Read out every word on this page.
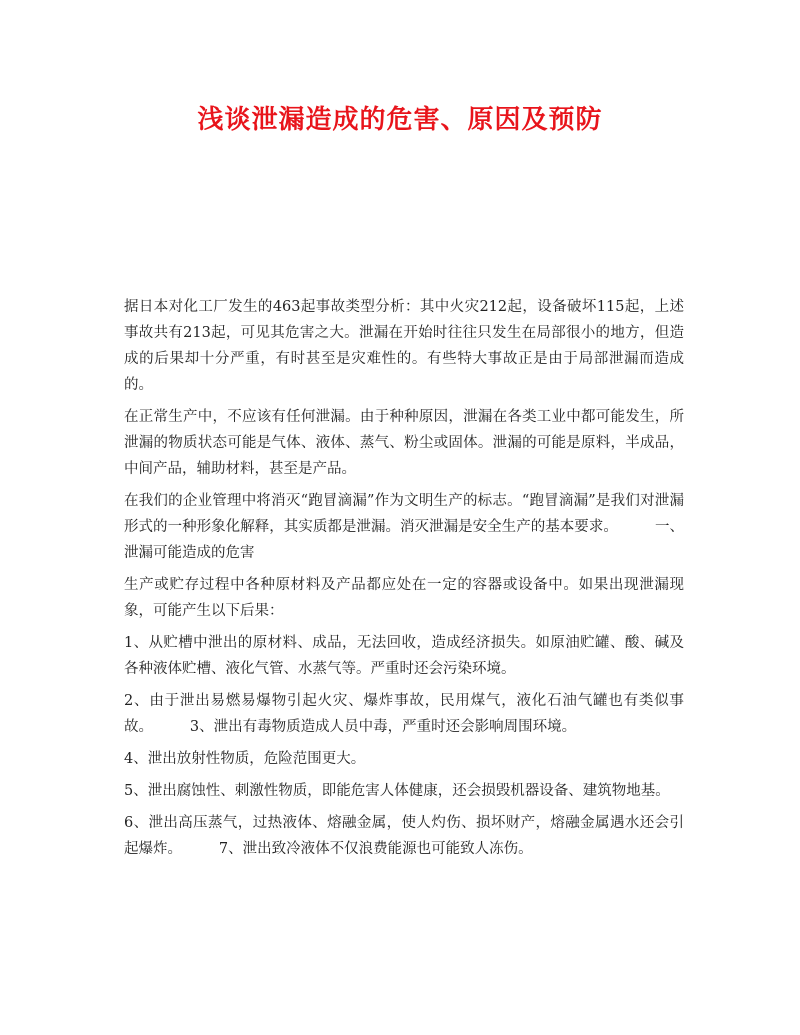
浅谈泄漏造成的危害、原因及预防

据日本对化工厂发生的463起事故类型分析：其中火灾212起，设备破坏115起，上述事故共有213起，可见其危害之大。泄漏在开始时往往只发生在局部很小的地方，但造成的后果却十分严重，有时甚至是灾难性的。有些特大事故正是由于局部泄漏而造成的。

在正常生产中，不应该有任何泄漏。由于种种原因，泄漏在各类工业中都可能发生，所泄漏的物质状态可能是气体、液体、蒸气、粉尘或固体。泄漏的可能是原料，半成品，中间产品，辅助材料，甚至是产品。

在我们的企业管理中将消灭“跑冒滴漏”作为文明生产的标志。“跑冒滴漏”是我们对泄漏形式的一种形象化解释，其实质都是泄漏。消灭泄漏是安全生产的基本要求。        一、泄漏可能造成的危害

生产或贮存过程中各种原材料及产品都应处在一定的容器或设备中。如果出现泄漏现象，可能产生以下后果：

1、从贮槽中泄出的原材料、成品，无法回收，造成经济损失。如原油贮罐、酸、碱及各种液体贮槽、液化气管、水蒸气等。严重时还会污染环境。

2、由于泄出易燃易爆物引起火灾、爆炸事故，民用煤气，液化石油气罐也有类似事故。        3、泄出有毒物质造成人员中毒，严重时还会影响周围环境。

4、泄出放射性物质，危险范围更大。

5、泄出腐蚀性、刺激性物质，即能危害人体健康，还会损毁机器设备、建筑物地基。

6、泄出高压蒸气，过热液体、熔融金属，使人灼伤、损坏财产，熔融金属遇水还会引起爆炸。        7、泄出致冷液体不仅浪费能源也可能致人冻伤。
